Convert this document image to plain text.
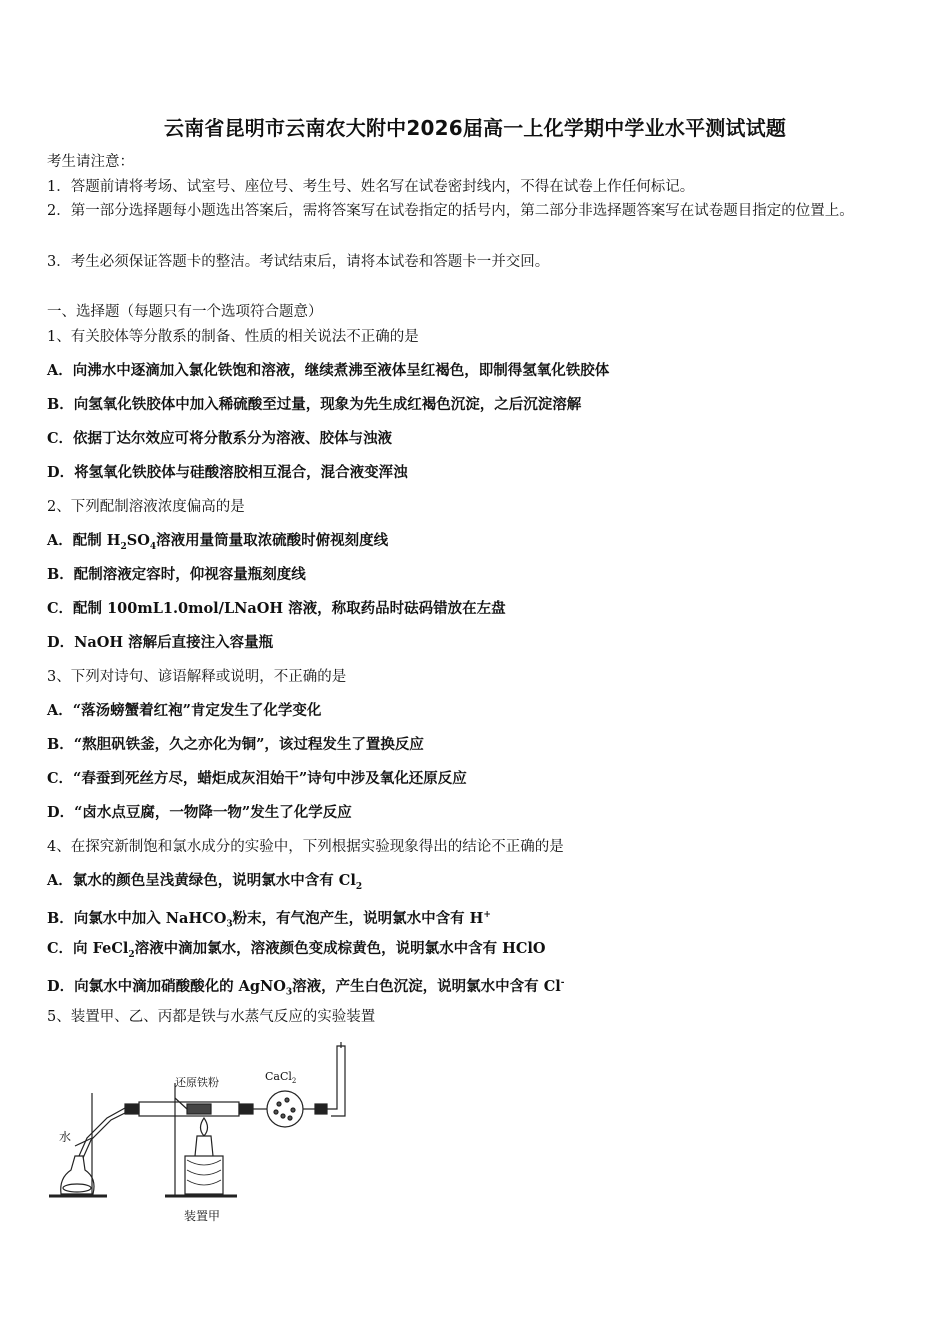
云南省昆明市云南农大附中2026届高一上化学期中学业水平测试试题
考生请注意：
1．答题前请将考场、试室号、座位号、考生号、姓名写在试卷密封线内，不得在试卷上作任何标记。
2．第一部分选择题每小题选出答案后，需将答案写在试卷指定的括号内，第二部分非选择题答案写在试卷题目指定的位置上。
3．考生必须保证答题卡的整洁。考试结束后，请将本试卷和答题卡一并交回。
一、选择题（每题只有一个选项符合题意）
1、有关胶体等分散系的制备、性质的相关说法不正确的是
A．向沸水中逐滴加入氯化铁饱和溶液，继续煮沸至液体呈红褐色，即制得氢氧化铁胶体
B．向氢氧化铁胶体中加入稀硫酸至过量，现象为先生成红褐色沉淀，之后沉淀溶解
C．依据丁达尔效应可将分散系分为溶液、胶体与浊液
D．将氢氧化铁胶体与硅酸溶胶相互混合，混合液变浑浊
2、下列配制溶液浓度偏高的是
A．配制 $H_2SO_4$溶液用量筒量取浓硫酸时俯视刻度线
B．配制溶液定容时，仰视容量瓶刻度线
C．配制 100mL1.0mol/LNaOH 溶液，称取药品时砝码错放在左盘
D．NaOH 溶解后直接注入容量瓶
3、下列对诗句、谚语解释或说明，不正确的是
A．“落汤螃蟹着红袍”肯定发生了化学变化
B．“熬胆矾铁釜，久之亦化为铜”，该过程发生了置换反应
C．“春蚕到死丝方尽，蜡炬成灰泪始干”诗句中涉及氧化还原反应
D．“卤水点豆腐，一物降一物”发生了化学反应
4、在探究新制饱和氯水成分的实验中，下列根据实验现象得出的结论不正确的是
A．氯水的颜色呈浅黄绿色，说明氯水中含有 $Cl_2$
B．向氯水中加入 NaHCO$_3$粉末，有气泡产生，说明氯水中含有 H+
C．向 FeCl$_2$溶液中滴加氯水，溶液颜色变成棕黄色，说明氯水中含有 HClO
D．向氯水中滴加硝酸酸化的 AgNO$_3$溶液，产生白色沉淀，说明氯水中含有 Cl-
5、装置甲、乙、丙都是铁与水蒸气反应的实验装置
水
还原铁粉	CaCl$_2$
装置甲
